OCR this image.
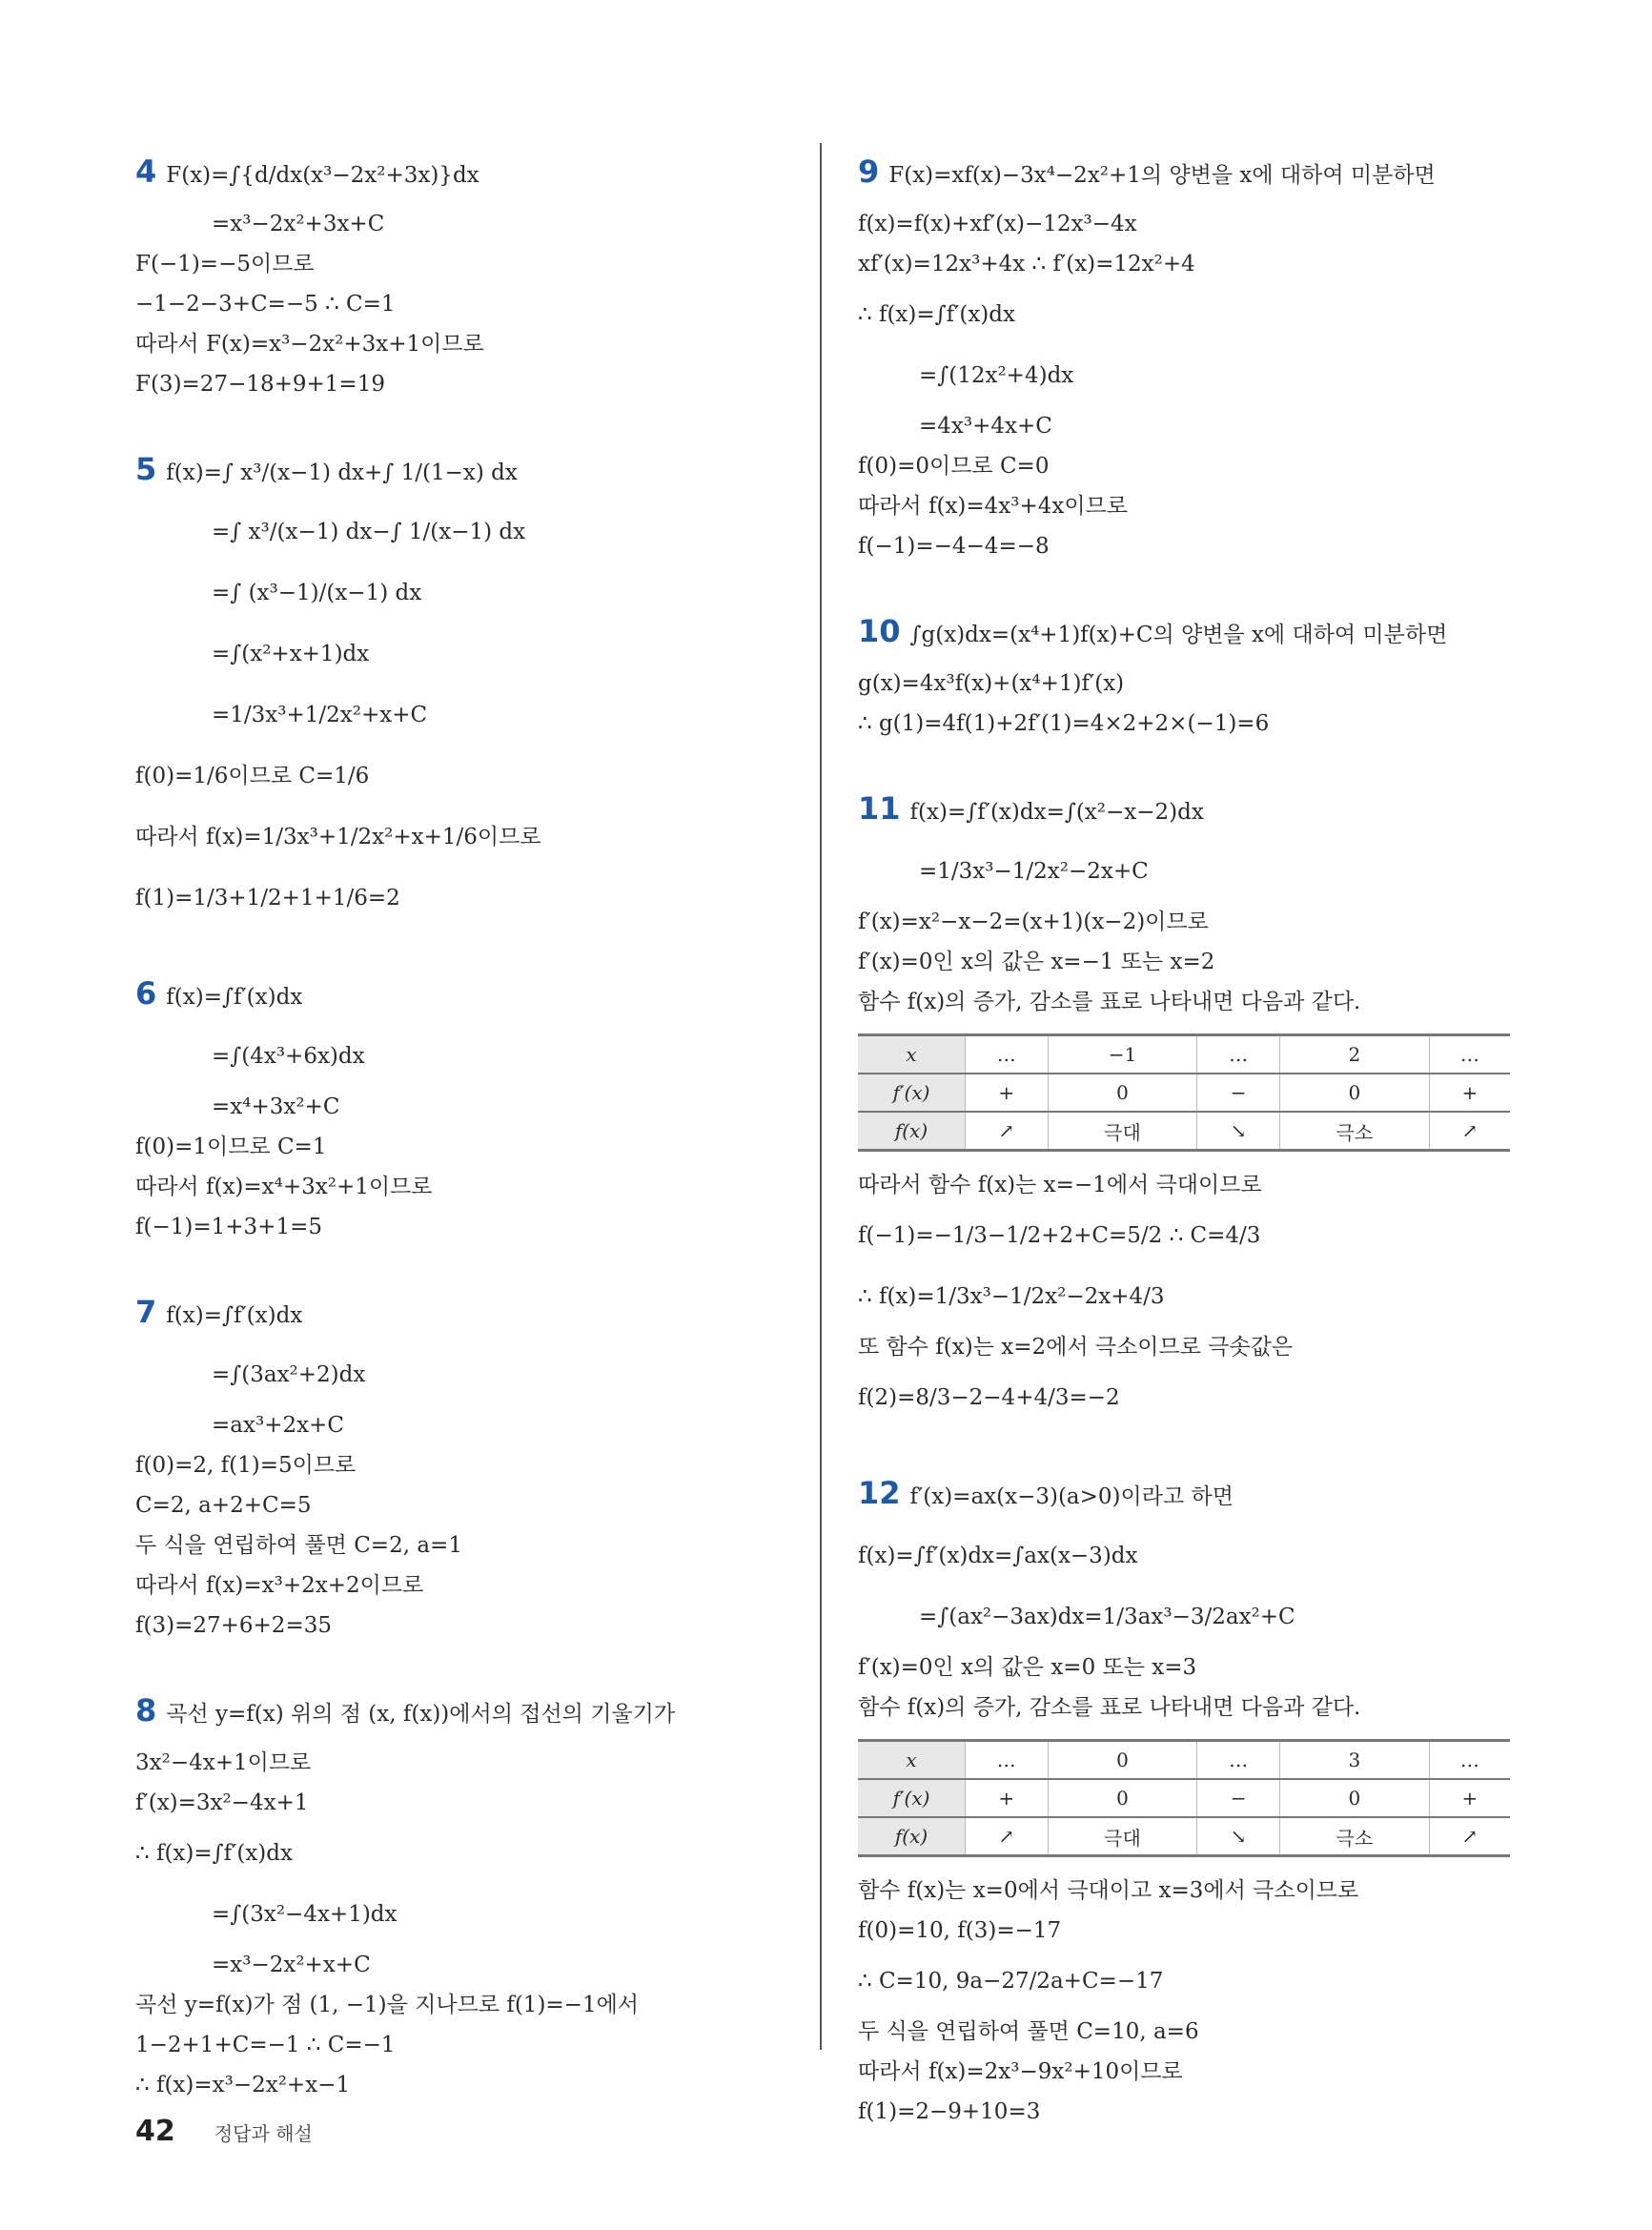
4 F(x)=∫{d/dx(x³−2x²+3x)}dx
=x³−2x²+3x+C
F(−1)=−5이므로
−1−2−3+C=−5 ∴ C=1
따라서 F(x)=x³−2x²+3x+1이므로
F(3)=27−18+9+1=19
5 f(x)=∫ x³/(x−1) dx+∫ 1/(1−x) dx
=∫ x³/(x−1) dx−∫ 1/(x−1) dx
=∫ (x³−1)/(x−1) dx
=∫(x²+x+1)dx
=1/3x³+1/2x²+x+C
f(0)=1/6이므로 C=1/6
따라서 f(x)=1/3x³+1/2x²+x+1/6이므로
f(1)=1/3+1/2+1+1/6=2
6 f(x)=∫f′(x)dx
=∫(4x³+6x)dx
=x⁴+3x²+C
f(0)=1이므로 C=1
따라서 f(x)=x⁴+3x²+1이므로
f(−1)=1+3+1=5
7 f(x)=∫f′(x)dx
=∫(3ax²+2)dx
=ax³+2x+C
f(0)=2, f(1)=5이므로
C=2, a+2+C=5
두 식을 연립하여 풀면 C=2, a=1
따라서 f(x)=x³+2x+2이므로
f(3)=27+6+2=35
8 곡선 y=f(x) 위의 점 (x, f(x))에서의 접선의 기울기가
3x²−4x+1이므로
f′(x)=3x²−4x+1
∴ f(x)=∫f′(x)dx
=∫(3x²−4x+1)dx
=x³−2x²+x+C
곡선 y=f(x)가 점 (1, −1)을 지나므로 f(1)=−1에서
1−2+1+C=−1 ∴ C=−1
∴ f(x)=x³−2x²+x−1
9 F(x)=xf(x)−3x⁴−2x²+1의 양변을 x에 대하여 미분하면
f(x)=f(x)+xf′(x)−12x³−4x
xf′(x)=12x³+4x ∴ f′(x)=12x²+4
∴ f(x)=∫f′(x)dx
=∫(12x²+4)dx
=4x³+4x+C
f(0)=0이므로 C=0
따라서 f(x)=4x³+4x이므로
f(−1)=−4−4=−8
10 ∫g(x)dx=(x⁴+1)f(x)+C의 양변을 x에 대하여 미분하면
g(x)=4x³f(x)+(x⁴+1)f′(x)
∴ g(1)=4f(1)+2f′(1)=4×2+2×(−1)=6
11 f(x)=∫f′(x)dx=∫(x²−x−2)dx
=1/3x³−1/2x²−2x+C
f′(x)=x²−x−2=(x+1)(x−2)이므로
f′(x)=0인 x의 값은 x=−1 또는 x=2
함수 f(x)의 증가, 감소를 표로 나타내면 다음과 같다.
x	…	−1	…	2	…
f′(x)	+	0	−	0	+
f(x)	↗	극대	↘	극소	↗
따라서 함수 f(x)는 x=−1에서 극대이므로
f(−1)=−1/3−1/2+2+C=5/2 ∴ C=4/3
∴ f(x)=1/3x³−1/2x²−2x+4/3
또 함수 f(x)는 x=2에서 극소이므로 극솟값은
f(2)=8/3−2−4+4/3=−2
12 f′(x)=ax(x−3)(a>0)이라고 하면
f(x)=∫f′(x)dx=∫ax(x−3)dx
=∫(ax²−3ax)dx=1/3ax³−3/2ax²+C
f′(x)=0인 x의 값은 x=0 또는 x=3
함수 f(x)의 증가, 감소를 표로 나타내면 다음과 같다.
x	…	0	…	3	…
f′(x)	+	0	−	0	+
f(x)	↗	극대	↘	극소	↗
함수 f(x)는 x=0에서 극대이고 x=3에서 극소이므로
f(0)=10, f(3)=−17
∴ C=10, 9a−27/2a+C=−17
두 식을 연립하여 풀면 C=10, a=6
따라서 f(x)=2x³−9x²+10이므로
f(1)=2−9+10=3
42 정답과 해설
